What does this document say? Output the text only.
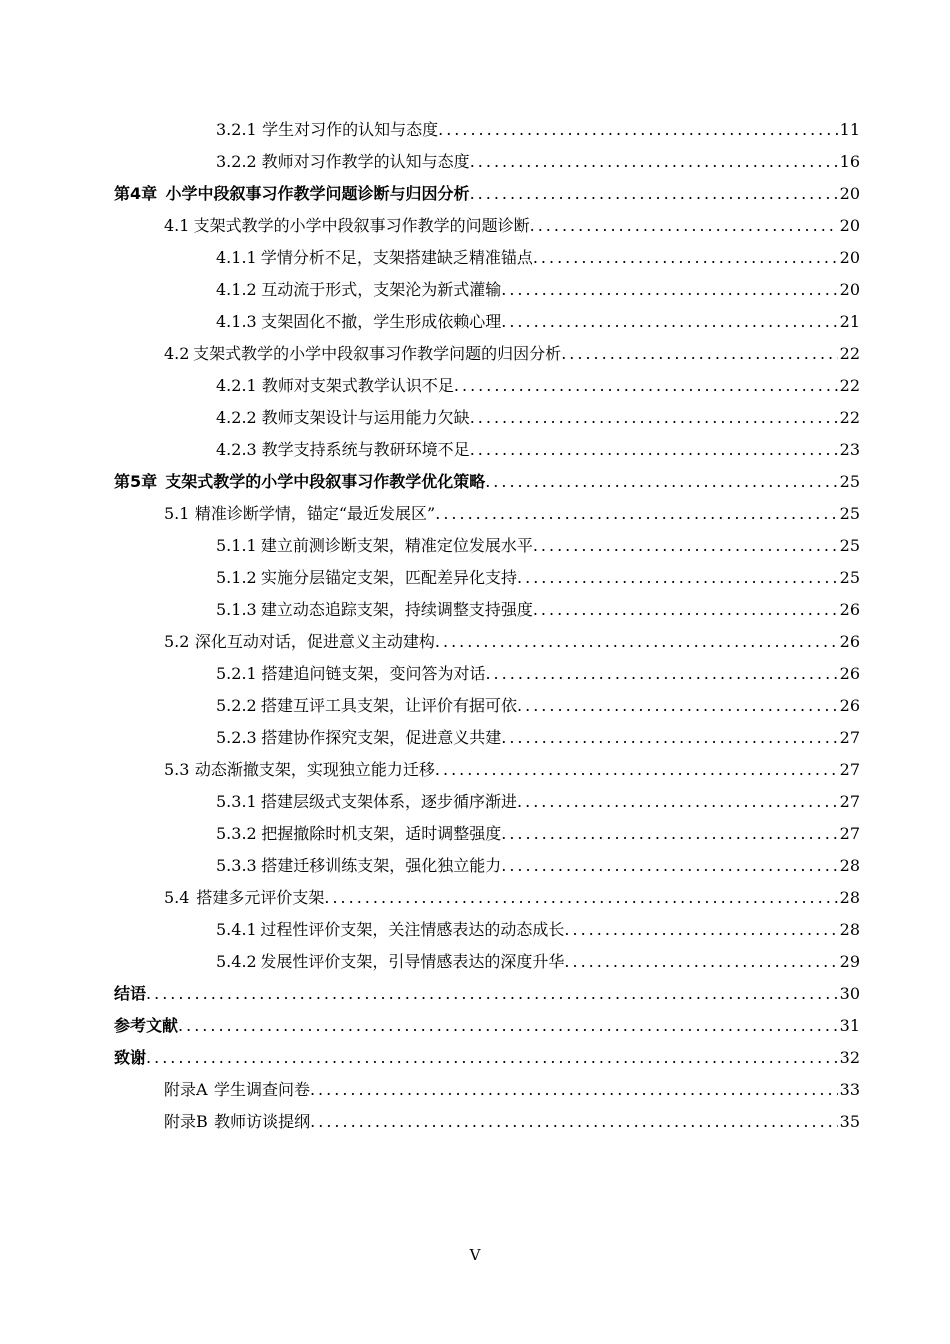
3.2.1 学生对习作的认知与态度 .....	11
3.2.2 教师对习作教学的认知与态度 .....	16
第4章 小学中段叙事习作教学问题诊断与归因分析 .....	20
4.1 支架式教学的小学中段叙事习作教学的问题诊断 .....	20
4.1.1 学情分析不足，支架搭建缺乏精准锚点 .....	20
4.1.2 互动流于形式，支架沦为新式灌输 .....	20
4.1.3 支架固化不撤，学生形成依赖心理 .....	21
4.2 支架式教学的小学中段叙事习作教学问题的归因分析 .....	22
4.2.1 教师对支架式教学认识不足 .....	22
4.2.2 教师支架设计与运用能力欠缺 .....	22
4.2.3 教学支持系统与教研环境不足 .....	23
第5章 支架式教学的小学中段叙事习作教学优化策略 .....	25
5.1 精准诊断学情，锚定“最近发展区” .....	25
5.1.1 建立前测诊断支架，精准定位发展水平 .....	25
5.1.2 实施分层锚定支架，匹配差异化支持 .....	25
5.1.3 建立动态追踪支架，持续调整支持强度 .....	26
5.2 深化互动对话，促进意义主动建构 .....	26
5.2.1 搭建追问链支架，变问答为对话 .....	26
5.2.2 搭建互评工具支架，让评价有据可依 .....	26
5.2.3 搭建协作探究支架，促进意义共建 .....	27
5.3 动态渐撤支架，实现独立能力迁移 .....	27
5.3.1 搭建层级式支架体系，逐步循序渐进 .....	27
5.3.2 把握撤除时机支架，适时调整强度 .....	27
5.3.3 搭建迁移训练支架，强化独立能力 .....	28
5.4 搭建多元评价支架 .....	28
5.4.1 过程性评价支架，关注情感表达的动态成长 .....	28
5.4.2 发展性评价支架，引导情感表达的深度升华 .....	29
结语 .....	30
参考文献 .....	31
致谢 .....	32
附录A 学生调查问卷 .....	33
附录B 教师访谈提纲 .....	35
V
